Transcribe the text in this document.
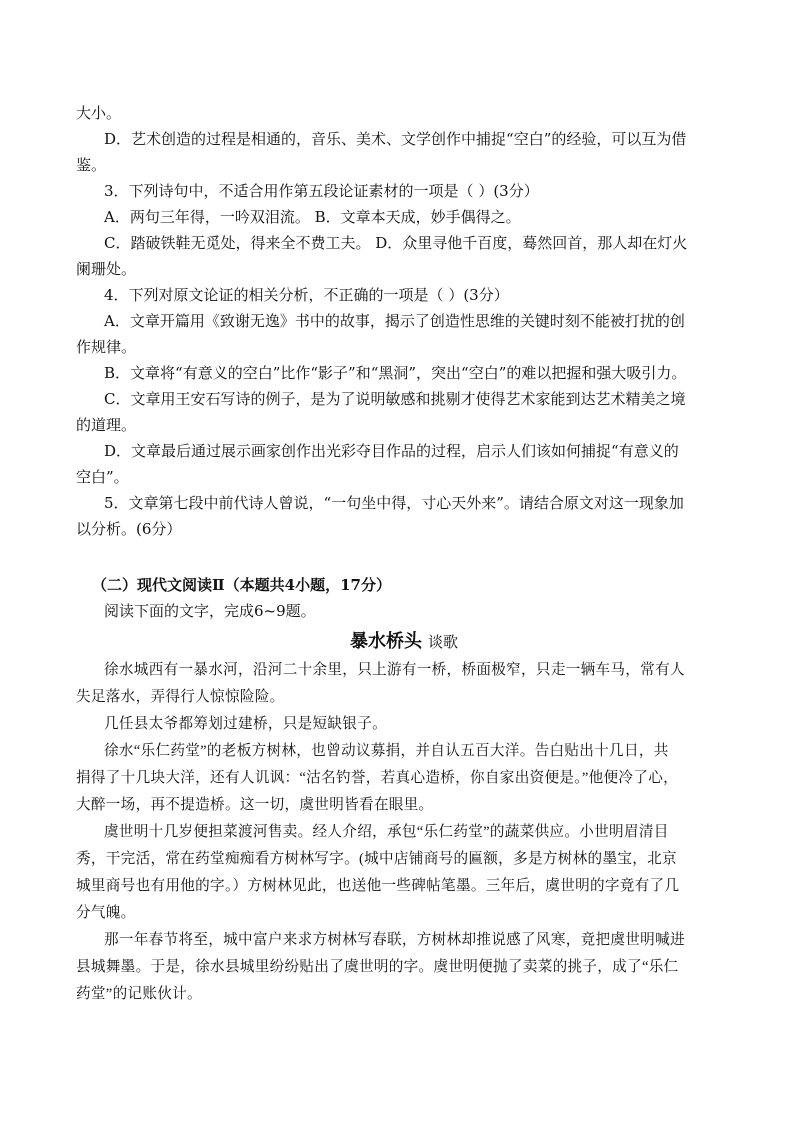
大小。
D．艺术创造的过程是相通的，音乐、美术、文学创作中捕捉“空白”的经验，可以互为借
鉴。
3．下列诗句中，不适合用作第五段论证素材的一项是（ ）(3分）
A．两句三年得，一吟双泪流。 B．文章本天成，妙手偶得之。
C．踏破铁鞋无觅处，得来全不费工夫。 D．众里寻他千百度，蓦然回首，那人却在灯火
阑珊处。
4．下列对原文论证的相关分析，不正确的一项是（ ）(3分）
A．文章开篇用《致谢无逸》书中的故事，揭示了创造性思维的关键时刻不能被打扰的创
作规律。
B．文章将“有意义的空白”比作“影子”和“黑洞”，突出“空白”的难以把握和强大吸引力。
C．文章用王安石写诗的例子，是为了说明敏感和挑剔才使得艺术家能到达艺术精美之境
的道理。
D．文章最后通过展示画家创作出光彩夺目作品的过程，启示人们该如何捕捉“有意义的
空白”。
5．文章第七段中前代诗人曾说，“一句坐中得，寸心天外来”。请结合原文对这一现象加
以分析。(6分）
（二）现代文阅读Ⅱ（本题共4小题，17分）
阅读下面的文字，完成6~9题。
暴水桥头 谈歌
徐水城西有一暴水河，沿河二十余里，只上游有一桥，桥面极窄，只走一辆车马，常有人
失足落水，弄得行人惊惊险险。
几任县太爷都筹划过建桥，只是短缺银子。
徐水“乐仁药堂”的老板方树林，也曾动议募捐，并自认五百大洋。告白贴出十几日，共
捐得了十几块大洋，还有人讥讽：“沽名钓誉，若真心造桥，你自家出资便是。”他便冷了心，
大醉一场，再不提造桥。这一切，虞世明皆看在眼里。
虞世明十几岁便担菜渡河售卖。经人介绍，承包“乐仁药堂”的蔬菜供应。小世明眉清目
秀，干完活，常在药堂痴痴看方树林写字。(城中店铺商号的匾额，多是方树林的墨宝，北京
城里商号也有用他的字。）方树林见此，也送他一些碑帖笔墨。三年后，虞世明的字竟有了几
分气魄。
那一年春节将至，城中富户来求方树林写春联，方树林却推说感了风寒，竟把虞世明喊进
县城舞墨。于是，徐水县城里纷纷贴出了虞世明的字。虞世明便抛了卖菜的挑子，成了“乐仁
药堂”的记账伙计。
